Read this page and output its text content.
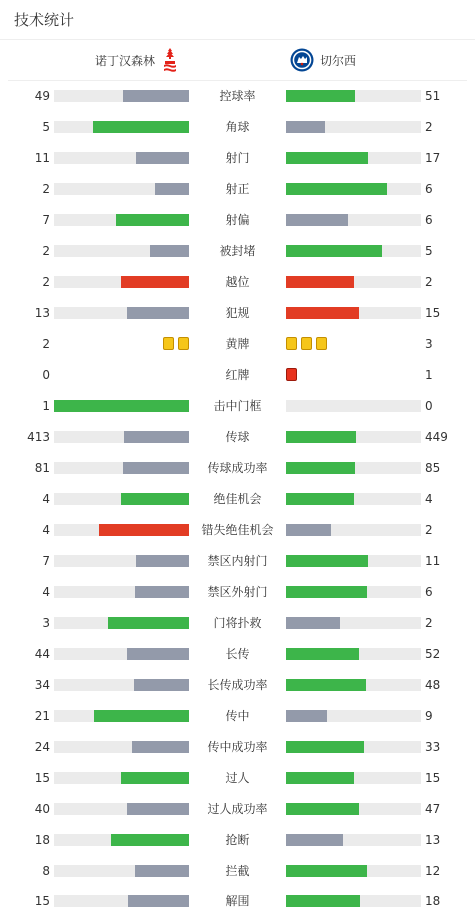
技术统计
诺丁汉森林	切尔西
49	控球率	51
5	角球	2
11	射门	17
2	射正	6
7	射偏	6
2	被封堵	5
2	越位	2
13	犯规	15
2	黄牌	3
0	红牌	1
1	击中门框	0
413	传球	449
81	传球成功率	85
4	绝佳机会	4
4	错失绝佳机会	2
7	禁区内射门	11
4	禁区外射门	6
3	门将扑救	2
44	长传	52
34	长传成功率	48
21	传中	9
24	传中成功率	33
15	过人	15
40	过人成功率	47
18	抢断	13
8	拦截	12
15	解围	18
